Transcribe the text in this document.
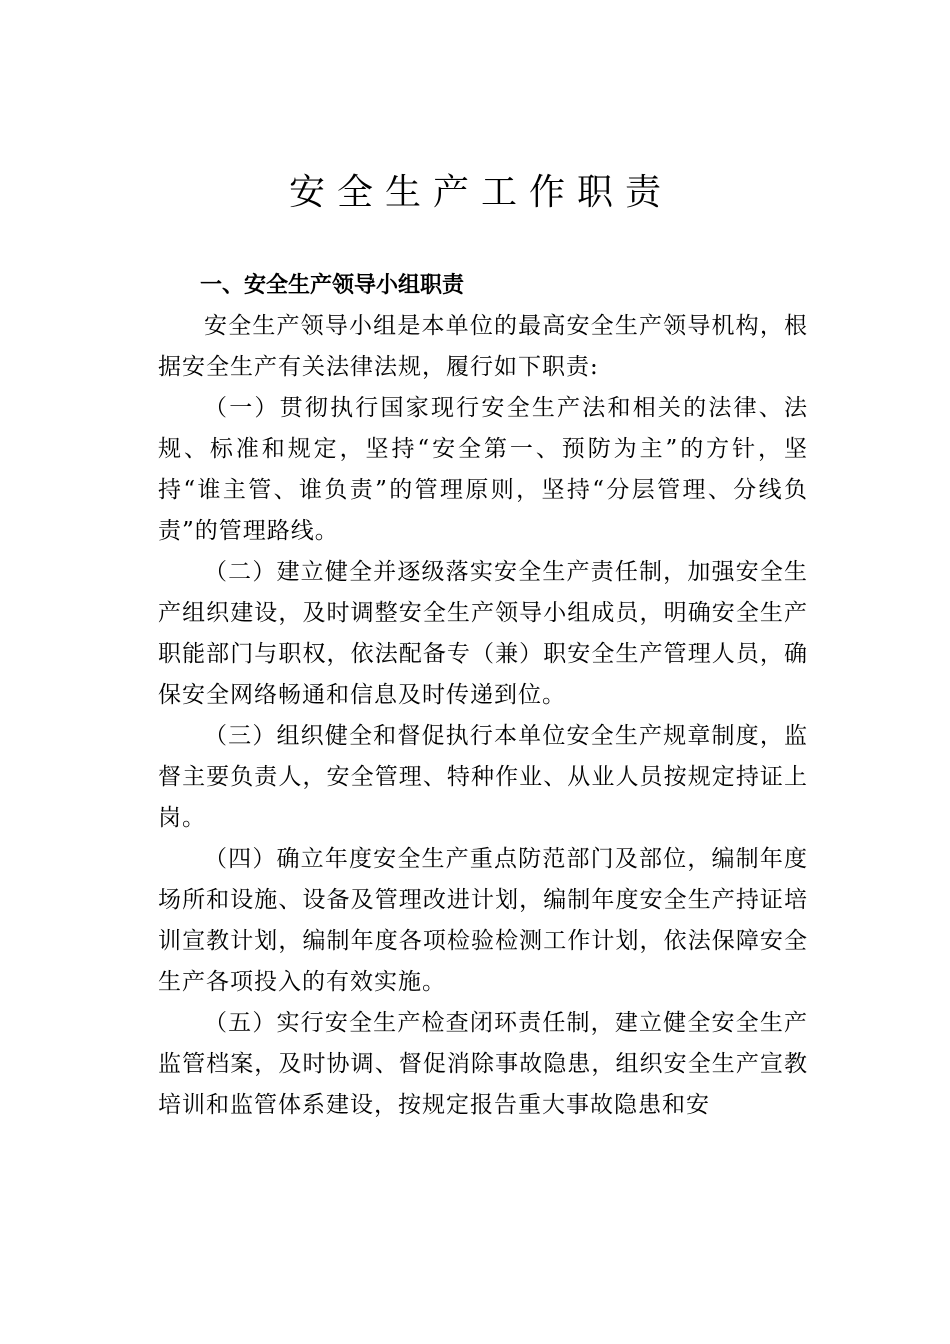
安全生产工作职责
一、安全生产领导小组职责

安全生产领导小组是本单位的最高安全生产领导机构，根据安全生产有关法律法规，履行如下职责:

（一）贯彻执行国家现行安全生产法和相关的法律、法规、标准和规定，坚持“安全第一、预防为主”的方针，坚持“谁主管、谁负责”的管理原则，坚持“分层管理、分线负责”的管理路线。

（二）建立健全并逐级落实安全生产责任制，加强安全生产组织建设，及时调整安全生产领导小组成员，明确安全生产职能部门与职权，依法配备专（兼）职安全生产管理人员，确保安全网络畅通和信息及时传递到位。

（三）组织健全和督促执行本单位安全生产规章制度，监督主要负责人，安全管理、特种作业、从业人员按规定持证上岗。

（四）确立年度安全生产重点防范部门及部位，编制年度场所和设施、设备及管理改进计划，编制年度安全生产持证培训宣教计划，编制年度各项检验检测工作计划，依法保障安全生产各项投入的有效实施。

（五）实行安全生产检查闭环责任制，建立健全安全生产监管档案，及时协调、督促消除事故隐患，组织安全生产宣教培训和监管体系建设，按规定报告重大事故隐患和安
